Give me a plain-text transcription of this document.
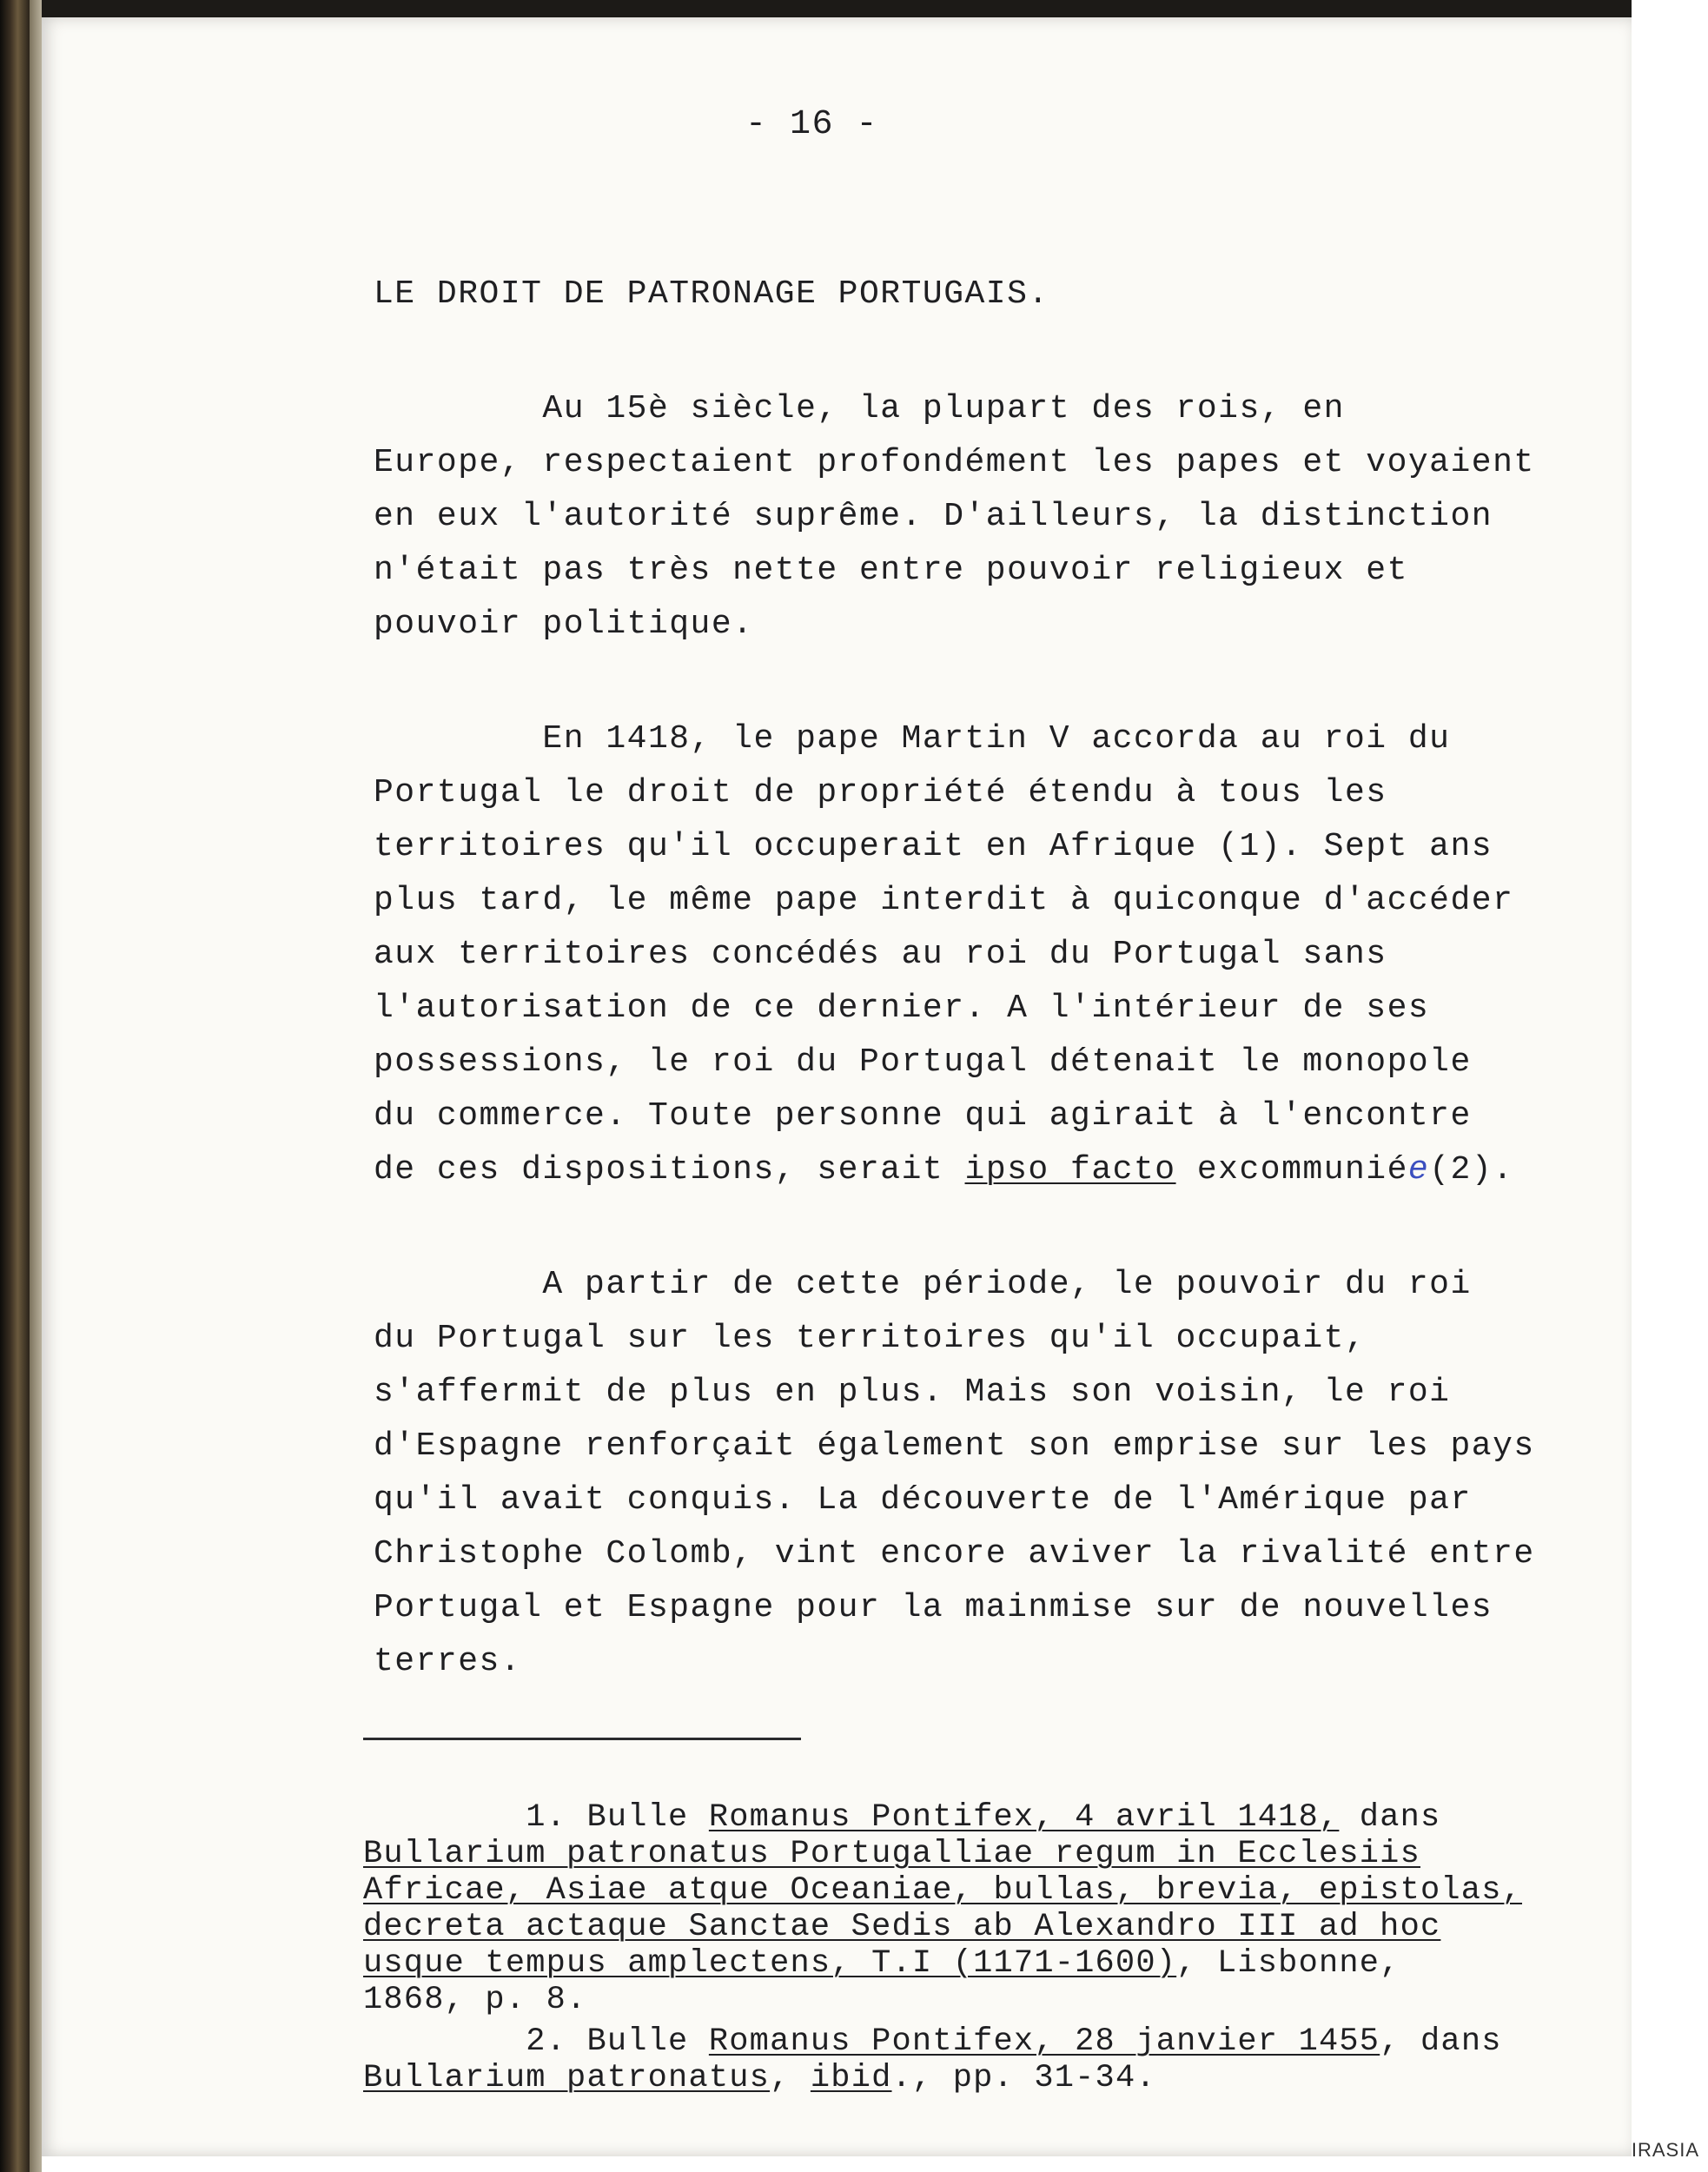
- 16 -
LE DROIT DE PATRONAGE PORTUGAIS.
Au 15è siècle, la plupart des rois, en
Europe, respectaient profondément les papes et voyaient
en eux l'autorité suprême. D'ailleurs, la distinction
n'était pas très nette entre pouvoir religieux et
pouvoir politique.
En 1418, le pape Martin V accorda au roi du
Portugal le droit de propriété étendu à tous les
territoires qu'il occuperait en Afrique (1). Sept ans
plus tard, le même pape interdit à quiconque d'accéder
aux territoires concédés au roi du Portugal sans
l'autorisation de ce dernier. A l'intérieur de ses
possessions, le roi du Portugal détenait le monopole
du commerce. Toute personne qui agirait à l'encontre
de ces dispositions, serait ipso facto excommuniée(2).
A partir de cette période, le pouvoir du roi
du Portugal sur les territoires qu'il occupait,
s'affermit de plus en plus. Mais son voisin, le roi
d'Espagne renforçait également son emprise sur les pays
qu'il avait conquis. La découverte de l'Amérique par
Christophe Colomb, vint encore aviver la rivalité entre
Portugal et Espagne pour la mainmise sur de nouvelles
terres.
1. Bulle Romanus Pontifex, 4 avril 1418, dans
Bullarium patronatus Portugalliae regum in Ecclesiis
Africae, Asiae atque Oceaniae, bullas, brevia, epistolas,
decreta actaque Sanctae Sedis ab Alexandro III ad hoc
usque tempus amplectens, T.I (1171-1600), Lisbonne,
1868, p. 8.
2. Bulle Romanus Pontifex, 28 janvier 1455, dans
Bullarium patronatus, ibid., pp. 31-34.
IRASIA
